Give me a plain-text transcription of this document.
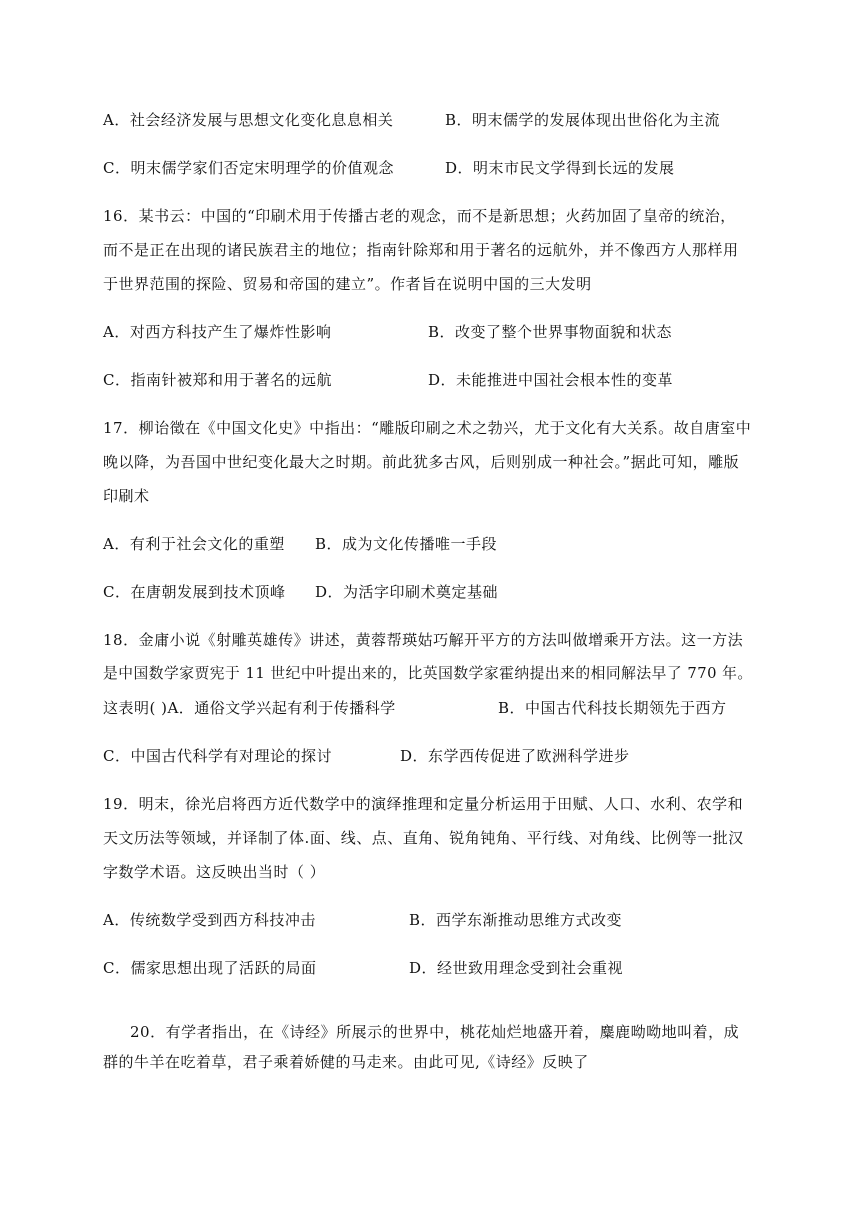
A．社会经济发展与思想文化变化息息相关	B．明末儒学的发展体现出世俗化为主流
C．明末儒学家们否定宋明理学的价值观念	D．明末市民文学得到长远的发展
16．某书云：中国的“印刷术用于传播古老的观念，而不是新思想；火药加固了皇帝的统治，
而不是正在出现的诸民族君主的地位；指南针除郑和用于著名的远航外，并不像西方人那样用
于世界范围的探险、贸易和帝国的建立”。作者旨在说明中国的三大发明
A．对西方科技产生了爆炸性影响	B．改变了整个世界事物面貌和状态
C．指南针被郑和用于著名的远航	D．未能推进中国社会根本性的变革
17．柳诒徵在《中国文化史》中指出：“雕版印刷之术之勃兴，尤于文化有大关系。故自唐室中
晚以降，为吾国中世纪变化最大之时期。前此犹多古风，后则别成一种社会。”据此可知，雕版
印刷术
A．有利于社会文化的重塑 B．成为文化传播唯一手段
C．在唐朝发展到技术顶峰 D．为活字印刷术奠定基础
18．金庸小说《射雕英雄传》讲述，黄蓉帮瑛姑巧解开平方的方法叫做增乘开方法。这一方法
是中国数学家贾宪于 11 世纪中叶提出来的，比英国数学家霍纳提出来的相同解法早了 770 年。
这表明( )A．通俗文学兴起有利于传播科学	B．中国古代科技长期领先于西方
C．中国古代科学有对理论的探讨	D．东学西传促进了欧洲科学进步
19．明末，徐光启将西方近代数学中的演绎推理和定量分析运用于田赋、人口、水利、农学和
天文历法等领域，并译制了体.面、线、点、直角、锐角钝角、平行线、对角线、比例等一批汉
字数学术语。这反映出当时（ ）
A．传统数学受到西方科技冲击	B．西学东渐推动思维方式改变
C．儒家思想出现了活跃的局面	D．经世致用理念受到社会重视
20．有学者指出，在《诗经》所展示的世界中，桃花灿烂地盛开着，麋鹿呦呦地叫着，成
群的牛羊在吃着草，君子乘着娇健的马走来。由此可见,《诗经》反映了
